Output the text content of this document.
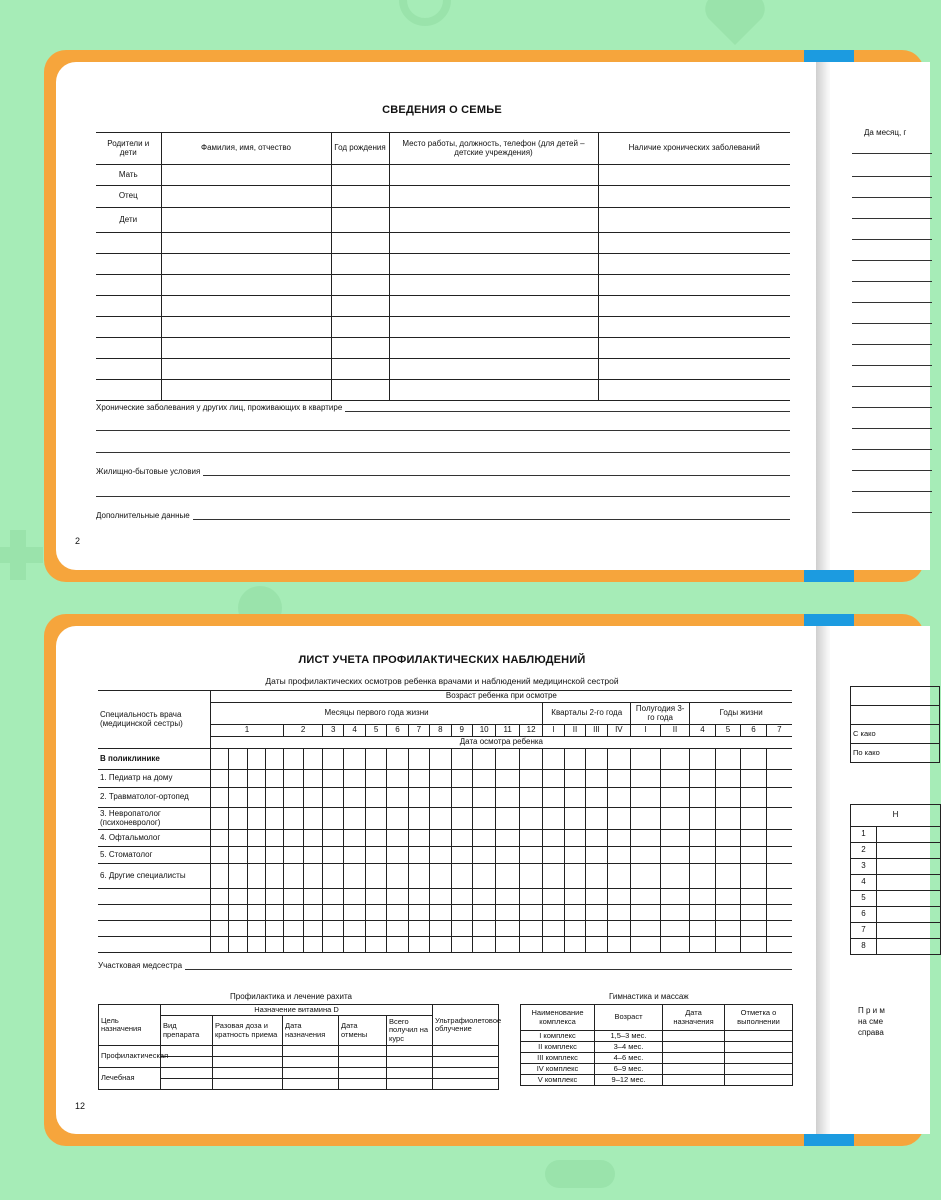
СВЕДЕНИЯ О СЕМЬЕ
Родители и дети	Фамилия, имя, отчество	Год рождения	Место работы, должность, телефон (для детей – детские учреждения)	Наличие хронических заболеваний
Мать				
Отец				
Дети				

Хронические заболевания у других лиц, проживающих в квартире
Жилищно-бытовые условия
Дополнительные данные
2
Да месяц, г
ЛИСТ УЧЕТА ПРОФИЛАКТИЧЕСКИХ НАБЛЮДЕНИЙ
Даты профилактических осмотров ребенка врачами и наблюдений медицинской сестрой
Специальность врача (медицинской сестры)	Возраст ребенка при осмотре																									
	Месяцы первого года жизни																Кварталы 2-го года				Полугодия 3-го года		Годы жизни			
	1				2		3	4	5	6	7	8	9	10	11	12	I	II	III	IV	I	II	4	5	6	7
	Дата осмотра ребенка																									
В поликлинике																										
1. Педиатр на дому																										
2. Травматолог-ортопед																										
3. Невропатолог (психоневролог)																										
4. Офтальмолог																										
5. Стоматолог																										
6. Другие специалисты																										

Участковая медсестра
Профилактика и лечение рахита
Цель назначения	Назначение витамина D					Ультрафиолетовое облучение
	Вид препарата	Разовая доза и кратность приема	Дата назначения	Дата отмены	Всего получил на курс	
Профилактическая						

Лечебная						

Гимнастика и массаж
Наименование комплекса	Возраст	Дата назначения	Отметка о выполнении
I комплекс	1,5–3 мес.		
II комплекс	3–4 мес.		
III комплекс	4–6 мес.		
IV комплекс	6–9 мес.		
V комплекс	9–12 мес.		
12

С како
По како
Н	
1	
2	
3	
4	
5	
6	
7	
8	
П р и м
на сме
справа
